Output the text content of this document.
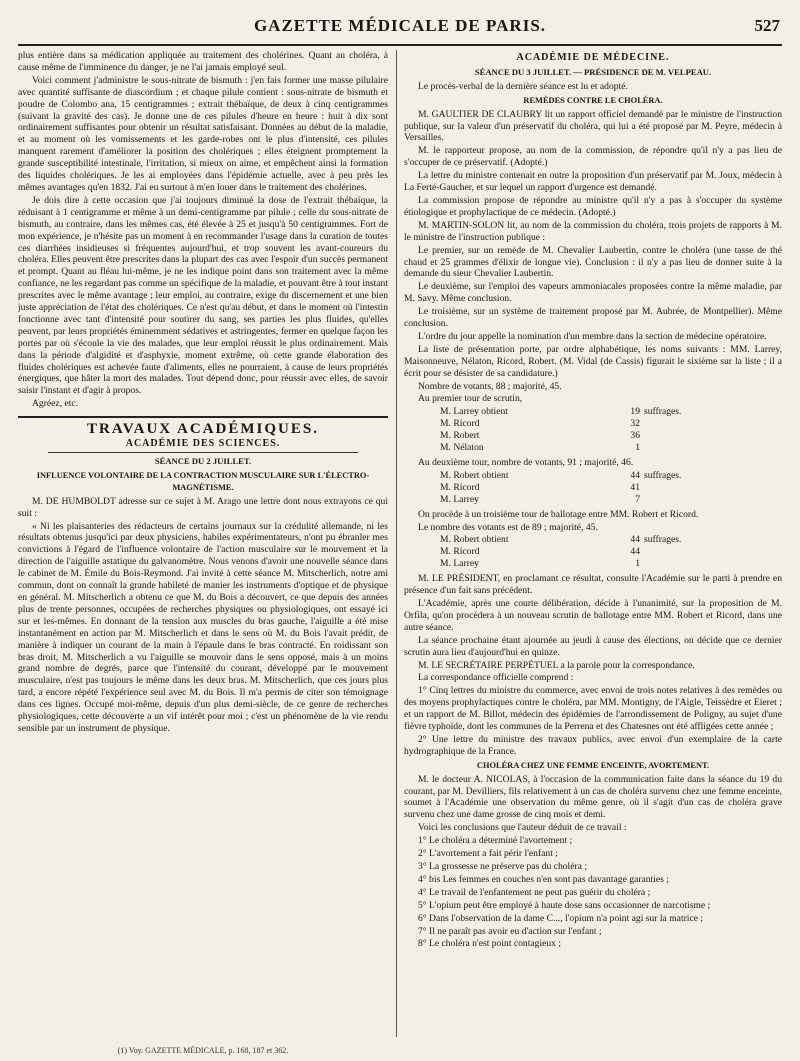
GAZETTE MÉDICALE DE PARIS.	527

plus entière dans sa médication appliquée au traitement des cholérines. Quant au choléra, à cause même de l'imminence du danger, je ne l'ai jamais employé seul.

Voici comment j'administre le sous-nitrate de bismuth : j'en fais former une masse pilulaire avec quantité suffisante de diascordium ; et chaque pilule contient : sous-nitrate de bismuth et poudre de Colombo ana, 15 centigrammes ; extrait thébaïque, de deux à cinq centigrammes (suivant la gravité des cas). Je donne une de ces pilules d'heure en heure : huit à dix sont ordinairement suffisantes pour obtenir un résultat satisfaisant. Données au début de la maladie, et au moment où les vomissements et les garde-robes ont le plus d'intensité, ces pilules manquent rarement d'améliorer la position des cholériques ; elles éteignent promptement la grande susceptibilité intestinale, l'irritation, si mieux on aime, et empêchent ainsi la formation des liquides cholériques. Je les ai employées dans l'épidémie actuelle, avec à peu près les mêmes avantages qu'en 1832. J'ai eu surtout à m'en louer dans le traitement des cholérines.

Je dois dire à cette occasion que j'ai toujours diminué la dose de l'extrait thébaïque, la réduisant à 1 centigramme et même à un demi-centigramme par pilule ; celle du sous-nitrate de bismuth, au contraire, dans les mêmes cas, été élevée à 25 et jusqu'à 50 centigrammes. Fort de mon expérience, je n'hésite pas un moment à en recommander l'usage dans la curation de toutes ces diarrhées insidieuses si fréquentes aujourd'hui, et trop souvent les avant-coureurs du choléra. Elles peuvent être prescrites dans la plupart des cas avec l'espoir d'un succès permanent et prompt. Quant au fléau lui-même, je ne les indique point dans son traitement avec la même confiance, ne les regardant pas comme un spécifique de la maladie, et pouvant être à tout instant prescrites avec le même avantage ; leur emploi, au contraire, exige du discernement et une bien juste appréciation de l'état des cholériques. Ce n'est qu'au début, et dans le moment où l'intestin fonctionne avec tant d'intensité pour soutirer du sang, ses parties les plus fluides, qu'elles peuvent, par leurs propriétés éminemment sédatives et astringentes, fermer en quelque façon les portes par où s'écoule la vie des malades, que leur emploi réussit le plus ordinairement. Mais dans la période d'algidité et d'asphyxie, moment extrême, où cette grande élaboration des fluides cholériques est achevée faute d'aliments, elles ne pourraient, à cause de leurs propriétés énergiques, que hâter la mort des malades. Tout dépend donc, pour réussir avec elles, de savoir saisir l'instant et d'agir à propos.

Agréez, etc.

TRAVAUX ACADÉMIQUES.
ACADÉMIE DES SCIENCES.
SÉANCE DU 2 JUILLET.
INFLUENCE VOLONTAIRE DE LA CONTRACTION MUSCULAIRE SUR L'ÉLECTRO-MAGNÉTISME.

M. DE HUMBOLDT adresse sur ce sujet à M. Arago une lettre dont nous extrayons ce qui suit :

« Ni les plaisanteries des rédacteurs de certains journaux sur la crédulité allemande, ni les résultats obtenus jusqu'ici par deux physiciens, habiles expérimentateurs, n'ont pu ébranler mes convictions à l'égard de l'influence volontaire de l'action musculaire sur le mouvement et la direction de l'aiguille astatique du galvanomètre. Nous venons d'avoir une nouvelle séance dans le cabinet de M. Émile du Bois-Reymond. J'ai invité à cette séance M. Mitscherlich, notre ami commun, dont on connaît la grande habileté de manier les instruments d'optique et de physique en général. M. Mitscherlich a obtenu ce que M. du Bois a découvert, ce que depuis des années plus de trente personnes, occupées de recherches physiques ou physiologiques, ont essayé ici sur et les-mêmes. En donnant de la tension aux muscles du bras gauche, l'aiguille a été mise instantanément en action par M. Mitscherlich et dans le sens où M. du Bois l'avait prédit, de manière à indiquer un courant de la main à l'épaule dans le bras contracté. En roidissant son bras droit, M. Mitscherlich a vu l'aiguille se mouvoir dans le sens opposé, mais à un moins grand nombre de degrés, parce que l'intensité du courant, développé par le mouvement musculaire, n'est pas toujours le même dans les deux bras. M. Mitscherlich, que ces jours plus tard, a encore répété l'expérience seul avec M. du Bois. Il m'a permis de citer son témoignage dans ces lignes. Occupé moi-même, depuis d'un plus demi-siècle, de ce genre de recherches physiologiques, cette découverte a un vif intérêt pour moi ; c'est un phénomène de la vie rendu sensible par un instrument de physique.

ACADÉMIE DE MÉDECINE.
SÉANCE DU 3 JUILLET. — PRÉSIDENCE DE M. VELPEAU.

Le procès-verbal de la dernière séance est lu et adopté.

REMÈDES CONTRE LE CHOLÉRA.

M. GAULTIER DE CLAUBRY lit un rapport officiel demandé par le ministre de l'instruction publique, sur la valeur d'un préservatif du choléra, qui lui a été proposé par M. Peyre, médecin à Versailles.

M. le rapporteur propose, au nom de la commission, de répondre qu'il n'y a pas lieu de s'occuper de ce préservatif. (Adopté.)

La lettre du ministre contenait en outre la proposition d'un préservatif par M. Joux, médecin à La Ferté-Gaucher, et sur lequel un rapport d'urgence est demandé.

La commission propose de répondre au ministre qu'il n'y a pas à s'occuper du système étiologique et prophylactique de ce médecin. (Adopté.)

M. MARTIN-SOLON lit, au nom de la commission du choléra, trois projets de rapports à M. le ministre de l'instruction publique :

Le premier, sur un remède de M. Chevalier Laubertin, contre le choléra (une tasse de thé chaud et 25 grammes d'élixir de longue vie). Conclusion : il n'y a pas lieu de donner suite à la demande du sieur Chevalier Laubertin.

Le deuxième, sur l'emploi des vapeurs ammoniacales proposées contre la même maladie, par M. Savy. Même conclusion.

Le troisième, sur un système de traitement proposé par M. Aubrée, de Montpellier). Même conclusion.

L'ordre du jour appelle la nomination d'un membre dans la section de médecine opératoire.

La liste de présentation porte, par ordre alphabétique, les noms suivants : MM. Larrey, Maisonneuve, Nélaton, Ricord, Robert. (M. Vidal (de Cassis) figurait le sixième sur la liste ; il a écrit pour se désister de sa candidature.)

Nombre de votants, 88 ; majorité, 45.

Au premier tour de scrutin,

M. Larrey obtient	19 suffrages.
M. Ricord	32
M. Robert	36
M. Nélaton	1

Au deuxième tour, nombre de votants, 91 ; majorité, 46.

M. Robert obtient	44 suffrages.
M. Ricord	41
M. Larrey	7

On procède à un troisième tour de ballotage entre MM. Robert et Ricord.

Le nombre des votants est de 89 ; majorité, 45.

M. Robert obtient	44 suffrages.
M. Ricord	44
M. Larrey	1

M. LE PRÉSIDENT, en proclamant ce résultat, consulte l'Académie sur le parti à prendre en présence d'un fait sans précédent.

L'Académie, après une courte délibération, décide à l'unanimité, sur la proposition de M. Orfila, qu'on procédera à un nouveau scrutin de ballotage entre MM. Robert et Ricord, dans une autre séance.

La séance prochaine étant ajournée au jeudi à cause des élections, on décide que ce dernier scrutin aura lieu d'aujourd'hui en quinze.

M. LE SECRÉTAIRE PERPÉTUEL a la parole pour la correspondance.

La correspondance officielle comprend :

1° Cinq lettres du ministre du commerce, avec envoi de trois notes relatives à des remèdes ou des moyens prophylactiques contre le choléra, par MM. Montigny, de l'Aigle, Teissèdre et Eieret ; et un rapport de M. Billot, médecin des épidémies de l'arrondissement de Poligny, au sujet d'une fièvre typhoïde, dont les communes de la Perrena et des Chatesnes ont été affligées cette année ;

2° Une lettre du ministre des travaux publics, avec envoi d'un exemplaire de la carte hydrographique de la France.

CHOLÉRA CHEZ UNE FEMME ENCEINTE, AVORTEMENT.

M. le docteur A. NICOLAS, à l'occasion de la communication faite dans la séance du 19 du courant, par M. Devilliers, fils relativement à un cas de choléra survenu chez une femme enceinte, soumet à l'Académie une observation du même genre, où il s'agit d'un cas de choléra grave survenu chez une dame grosse de cinq mois et demi.

Voici les conclusions que l'auteur déduit de ce travail :

1° Le choléra a déterminé l'avortement ;

2° L'avortement a fait périr l'enfant ;

3° La grossesse ne préserve pas du choléra ;

4° bis Les femmes en couches n'en sont pas davantage garanties ;

4° Le travail de l'enfantement ne peut pas guérir du choléra ;

5° L'opium peut être employé à haute dose sans occasionner de narcotisme ;

6° Dans l'observation de la dame C..., l'opium n'a point agi sur la matrice ;

7° Il ne paraît pas avoir eu d'action sur l'enfant ;

8° Le choléra n'est point contagieux ;

(1) Voy. GAZETTE MÉDICALE, p. 168, 187 et 362.
